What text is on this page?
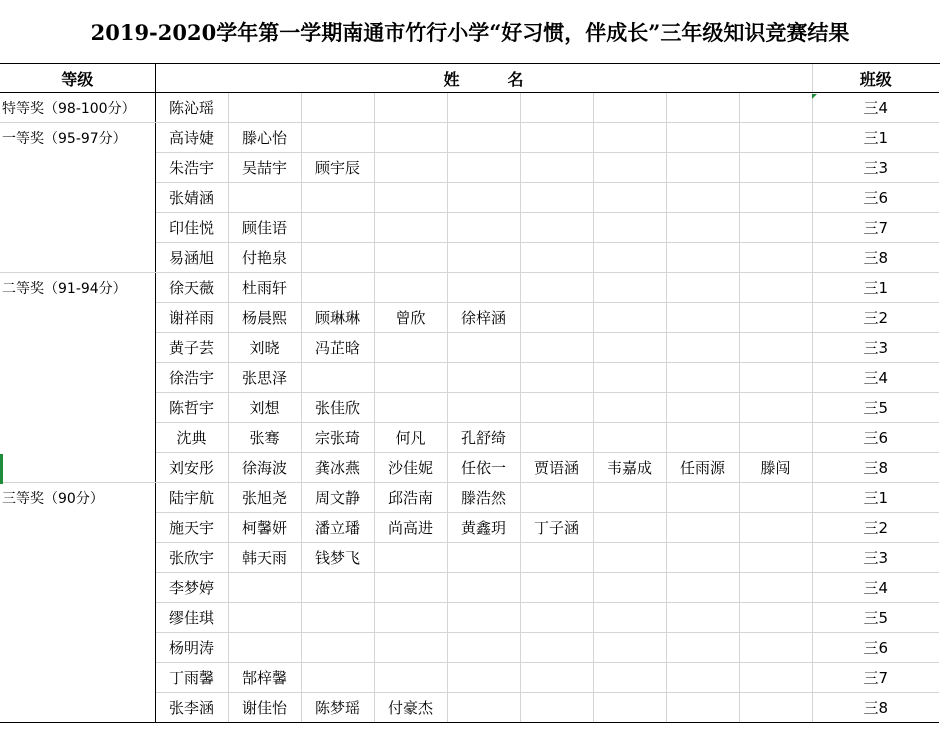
2019-2020学年第一学期南通市竹行小学“好习惯，伴成长”三年级知识竞赛结果
等级	姓　　　名									班级
特等奖（98-100分）	陈沁瑶									三4
一等奖（95-97分）	高诗婕	滕心怡								三1
	朱浩宇	吴喆宇	顾宇辰							三3
	张婧涵									三6
	印佳悦	顾佳语								三7
	易涵旭	付艳泉								三8
二等奖（91-94分）	徐天薇	杜雨轩								三1
	谢祥雨	杨晨熙	顾琳琳	曾欣	徐梓涵					三2
	黄子芸	刘晓	冯芷晗							三3
	徐浩宇	张思泽								三4
	陈哲宇	刘想	张佳欣							三5
	沈典	张骞	宗张琦	何凡	孔舒绮					三6
	刘安彤	徐海波	龚冰燕	沙佳妮	任依一	贾语涵	韦嘉成	任雨源	滕闯	三8
三等奖（90分）	陆宇航	张旭尧	周文静	邱浩南	滕浩然					三1
	施天宇	柯馨妍	潘立璠	尚高进	黄鑫玥	丁子涵				三2
	张欣宇	韩天雨	钱梦飞							三3
	李梦婷									三4
	缪佳琪									三5
	杨明涛									三6
	丁雨馨	郜梓馨								三7
	张李涵	谢佳怡	陈梦瑶	付豪杰						三8
